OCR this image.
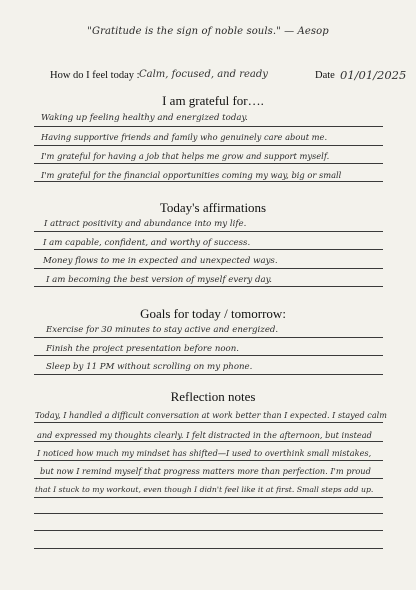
"Gratitude is the sign of noble souls." — Aesop
How do I feel today : Calm, focused, and ready	Date 01/01/2025
I am grateful for….
Waking up feeling healthy and energized today.
Having supportive friends and family who genuinely care about me.
I'm grateful for having a job that helps me grow and support myself.
I'm grateful for the financial opportunities coming my way, big or small
Today's affirmations
I attract positivity and abundance into my life.
I am capable, confident, and worthy of success.
Money flows to me in expected and unexpected ways.
I am becoming the best version of myself every day.
Goals for today / tomorrow:
Exercise for 30 minutes to stay active and energized.
Finish the project presentation before noon.
Sleep by 11 PM without scrolling on my phone.
Reflection notes
Today, I handled a difficult conversation at work better than I expected. I stayed calm
and expressed my thoughts clearly. I felt distracted in the afternoon, but instead
I noticed how much my mindset has shifted—I used to overthink small mistakes,
but now I remind myself that progress matters more than perfection. I'm proud
that I stuck to my workout, even though I didn't feel like it at first. Small steps add up.
